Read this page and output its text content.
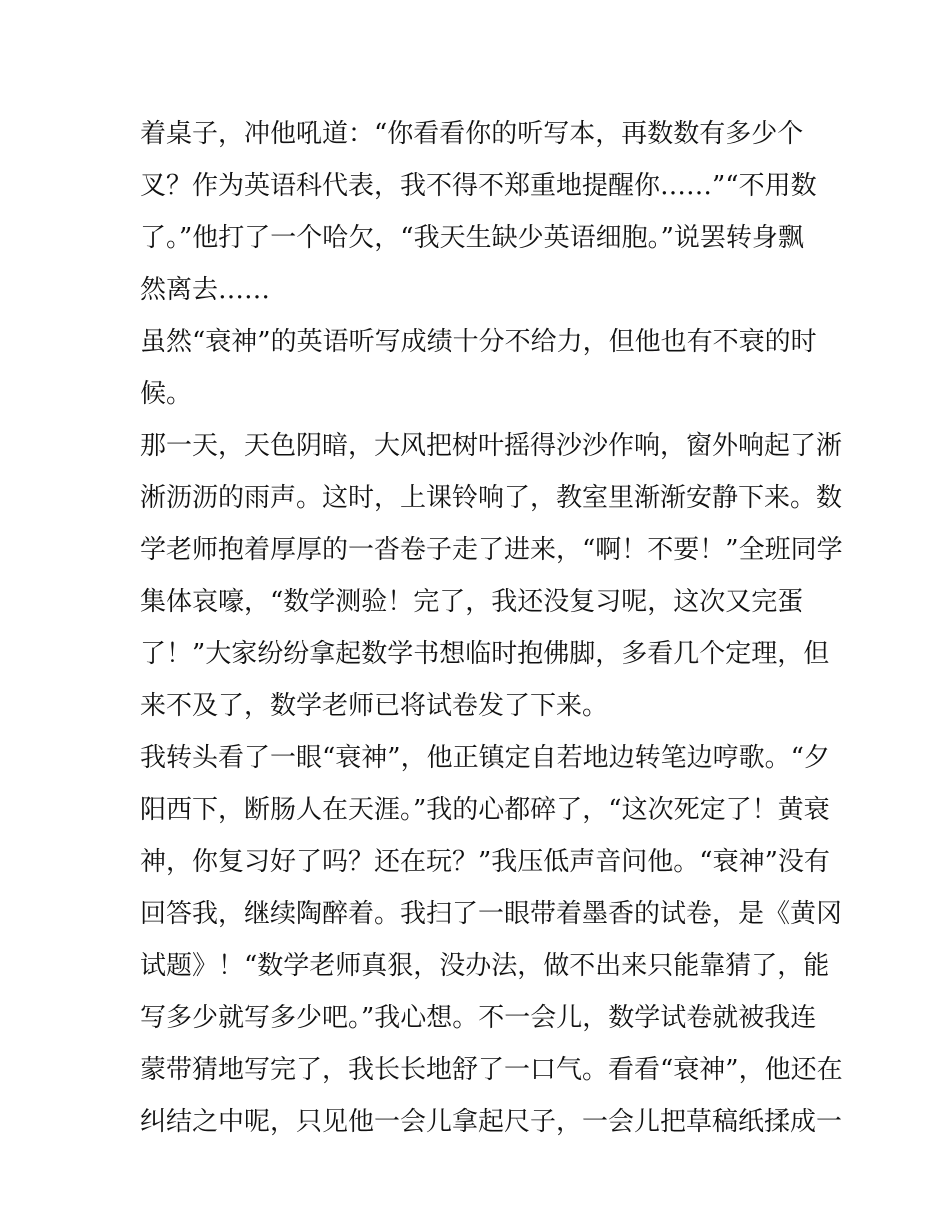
着桌子，冲他吼道：“你看看你的听写本，再数数有多少个
叉？作为英语科代表，我不得不郑重地提醒你……”“不用数
了。”他打了一个哈欠，“我天生缺少英语细胞。”说罢转身飘
然离去……
虽然“衰神”的英语听写成绩十分不给力，但他也有不衰的时
候。
那一天，天色阴暗，大风把树叶摇得沙沙作响，窗外响起了淅
淅沥沥的雨声。这时，上课铃响了，教室里渐渐安静下来。数
学老师抱着厚厚的一沓卷子走了进来，“啊！不要！”全班同学
集体哀嚎，“数学测验！完了，我还没复习呢，这次又完蛋
了！”大家纷纷拿起数学书想临时抱佛脚，多看几个定理，但
来不及了，数学老师已将试卷发了下来。
我转头看了一眼“衰神”，他正镇定自若地边转笔边哼歌。“夕
阳西下，断肠人在天涯。”我的心都碎了，“这次死定了！黄衰
神，你复习好了吗？还在玩？”我压低声音问他。“衰神”没有
回答我，继续陶醉着。我扫了一眼带着墨香的试卷，是《黄冈
试题》！“数学老师真狠，没办法，做不出来只能靠猜了，能
写多少就写多少吧。”我心想。不一会儿，数学试卷就被我连
蒙带猜地写完了，我长长地舒了一口气。看看“衰神”，他还在
纠结之中呢，只见他一会儿拿起尺子，一会儿把草稿纸揉成一
